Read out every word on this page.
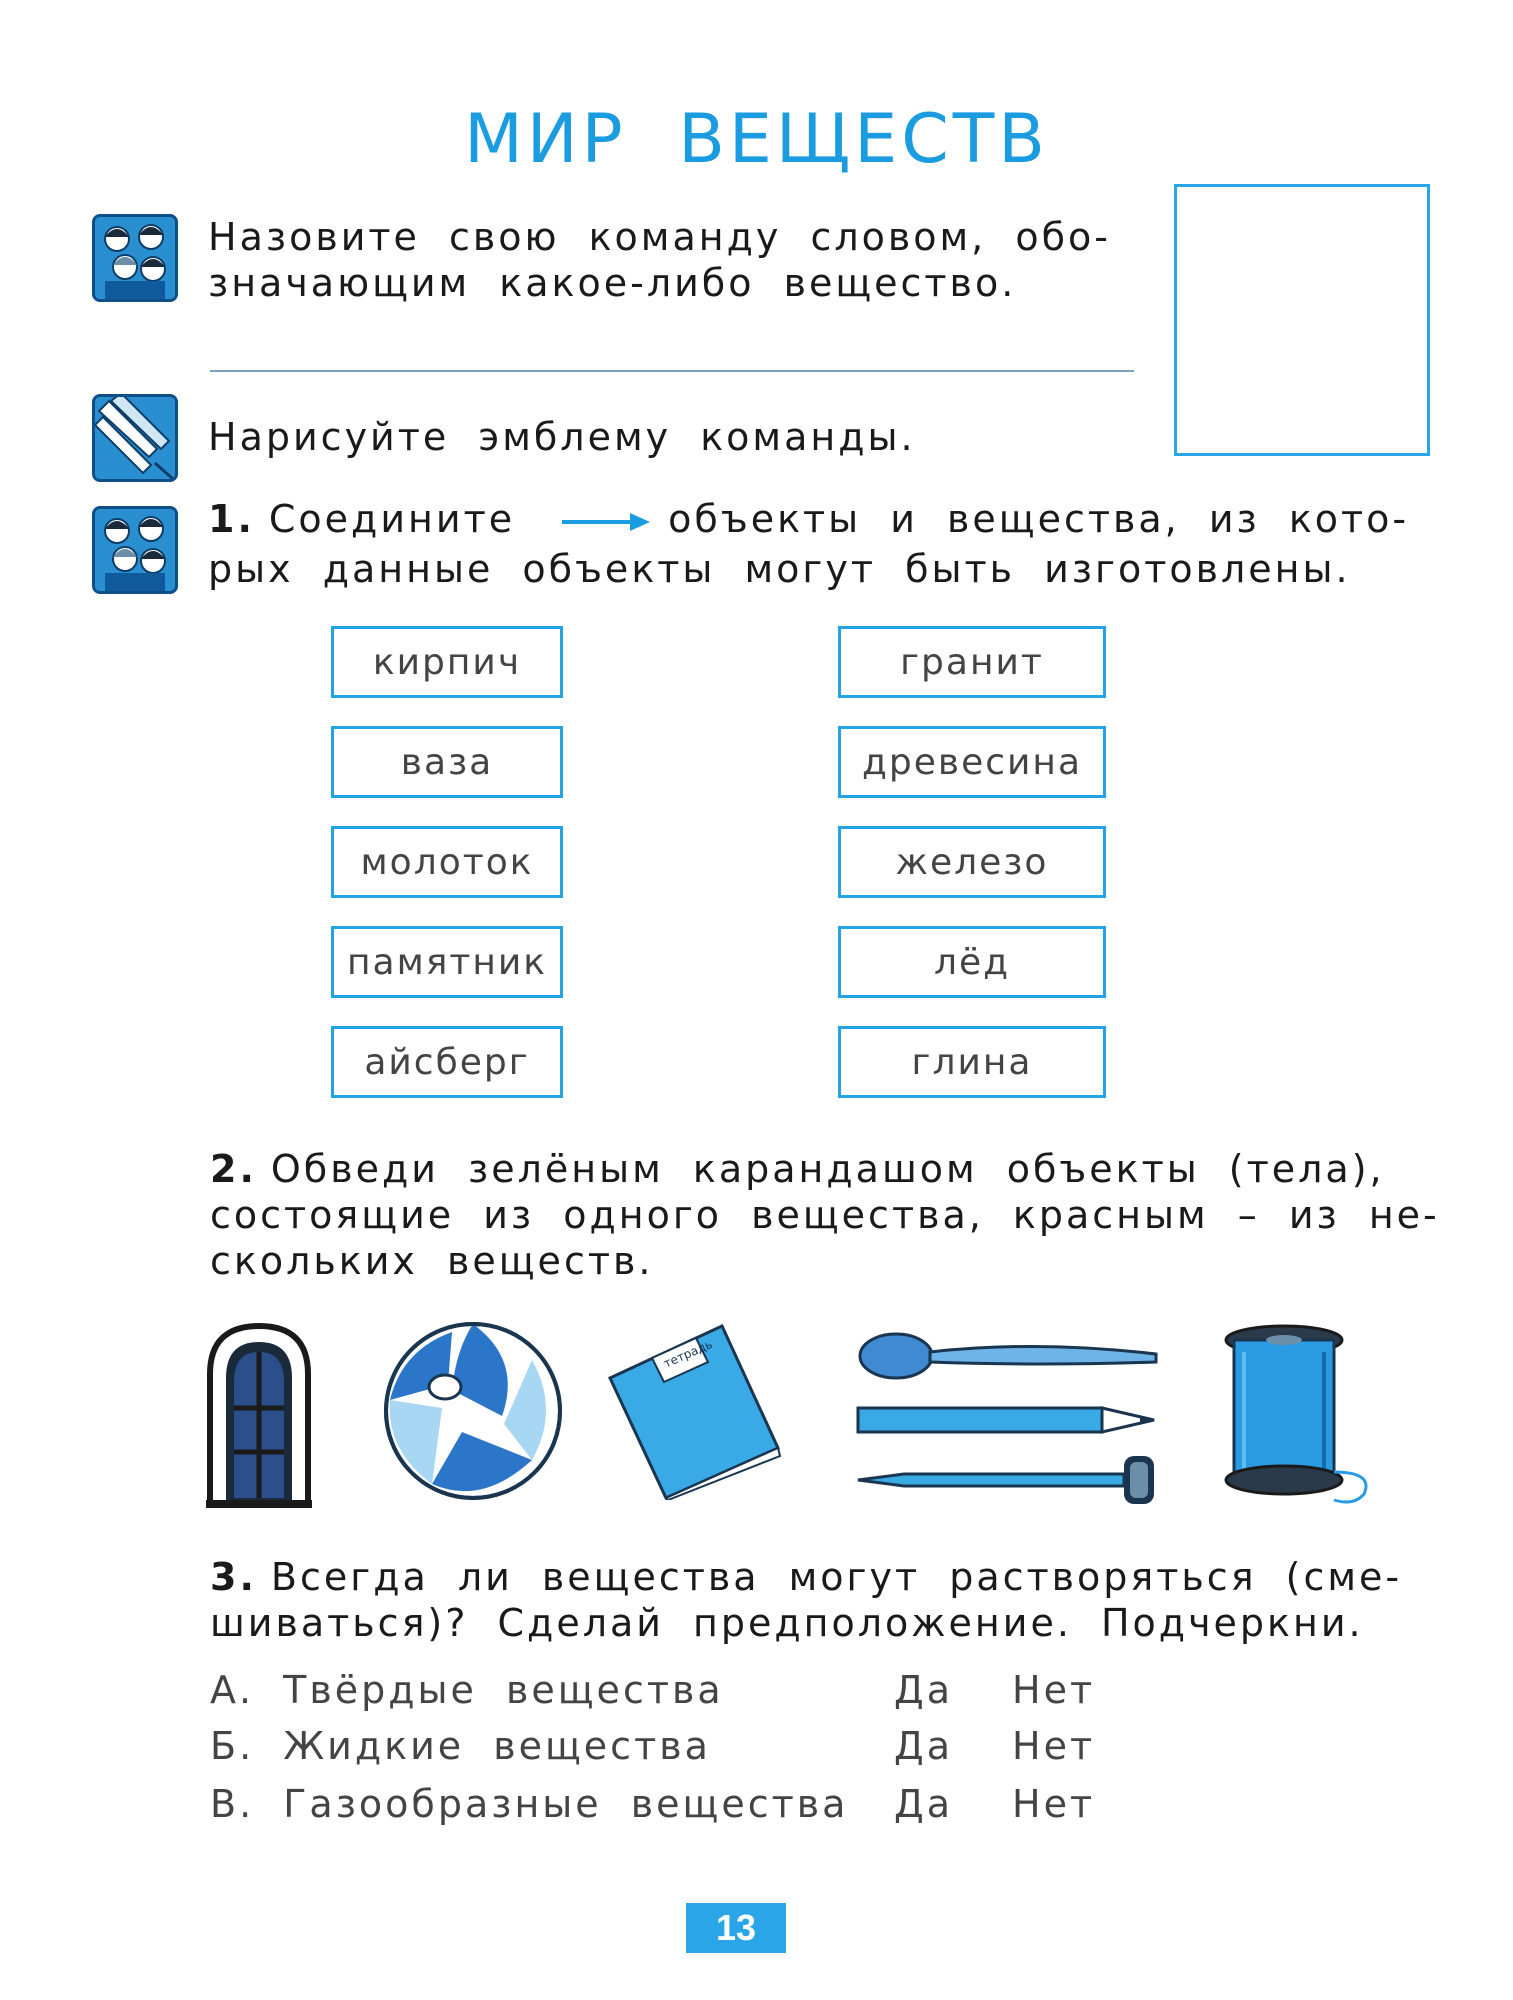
МИР ВЕЩЕСТВ
Назовите свою команду словом, обо-
значающим какое-либо вещество.
Нарисуйте эмблему команды.
1. Соедините	объекты и вещества, из кото-
рых данные объекты могут быть изготовлены.
кирпич
ваза
молоток
памятник
айсберг
гранит
древесина
железо
лёд
глина
2. Обведи зелёным карандашом объекты (тела),
состоящие из одного вещества, красным – из не-
скольких веществ.
тетрадь
3. Всегда ли вещества могут растворяться (сме-
шиваться)? Сделай предположение. Подчеркни.
А. Твёрдые вещества	Да Нет
Б. Жидкие вещества	Да Нет
В. Газообразные вещества Да Нет
13
